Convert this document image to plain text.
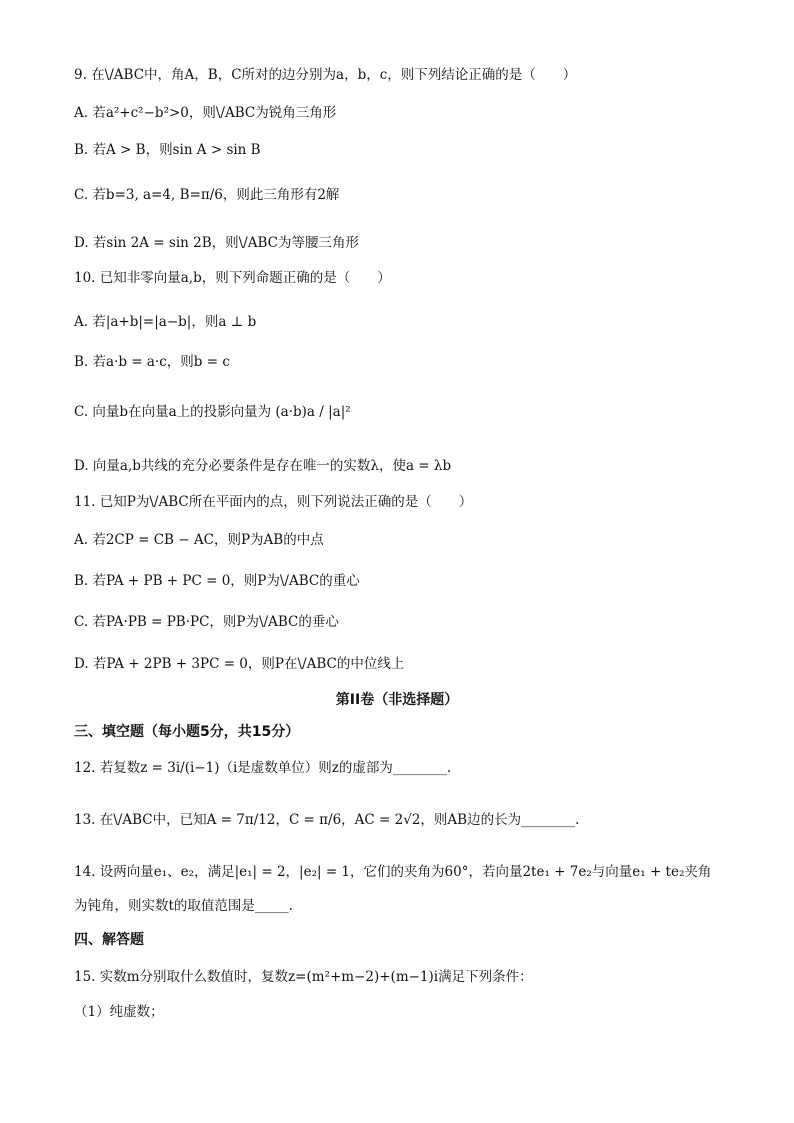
9. 在\/ABC中，角A，B，C所对的边分别为a，b，c，则下列结论正确的是（　　）
A. 若a²+c²−b²>0，则\/ABC为锐角三角形
B. 若A > B，则sin A > sin B
C. 若b=3, a=4, B=π/6，则此三角形有2解
D. 若sin 2A = sin 2B，则\/ABC为等腰三角形
10. 已知非零向量a,b，则下列命题正确的是（　　）
A. 若|a+b|=|a−b|，则a ⊥ b
B. 若a·b = a·c，则b = c
C. 向量b在向量a上的投影向量为 (a·b)a / |a|²
D. 向量a,b共线的充分必要条件是存在唯一的实数λ，使a = λb
11. 已知P为\/ABC所在平面内的点，则下列说法正确的是（　　）
A. 若2CP = CB − AC，则P为AB的中点
B. 若PA + PB + PC = 0，则P为\/ABC的重心
C. 若PA·PB = PB·PC，则P为\/ABC的垂心
D. 若PA + 2PB + 3PC = 0，则P在\/ABC的中位线上
第II卷（非选择题）
三、填空题（每小题5分，共15分）
12. 若复数z = 3i/(i−1)（i是虚数单位）则z的虚部为________.
13. 在\/ABC中，已知A = 7π/12，C = π/6，AC = 2√2，则AB边的长为________.
14. 设两向量e₁、e₂，满足|e₁| = 2，|e₂| = 1，它们的夹角为60°，若向量2te₁ + 7e₂与向量e₁ + te₂夹角为钝角，则实数t的取值范围是_____.
四、解答题
15. 实数m分别取什么数值时，复数z=(m²+m−2)+(m−1)i满足下列条件：
（1）纯虚数；
